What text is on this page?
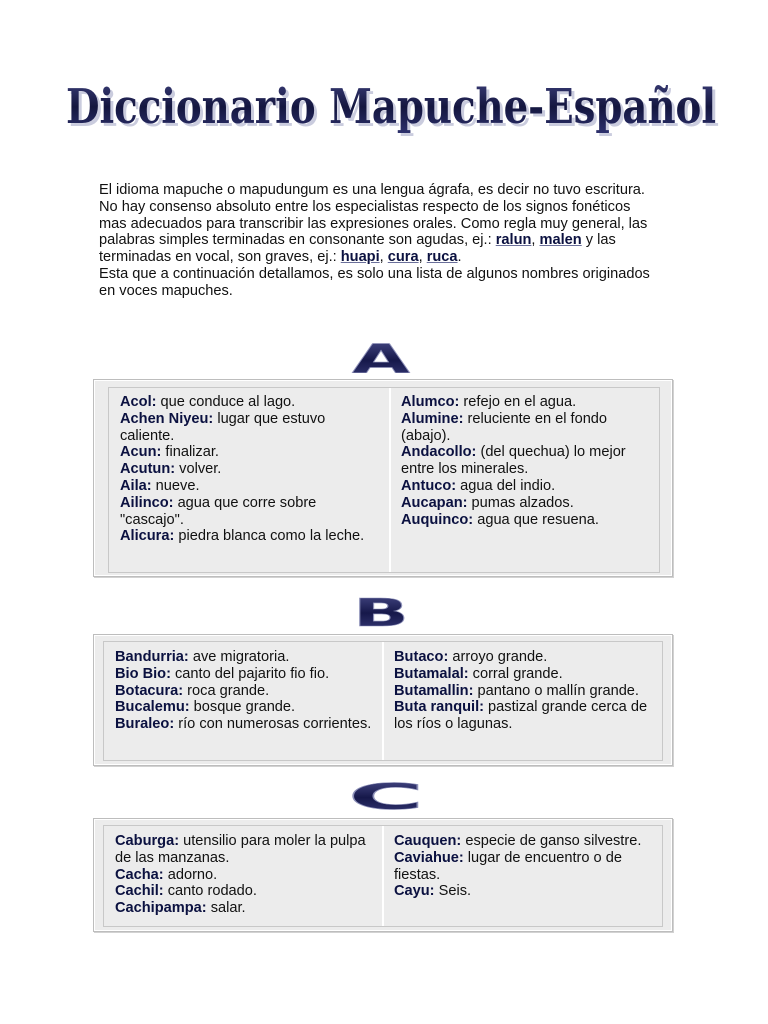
Diccionario Mapuche-Español
Diccionario Mapuche-Español

El idioma mapuche o mapudungum es una lengua ágrafa, es decir no tuvo escritura.

No hay consenso absoluto entre los especialistas respecto de los signos fonéticos mas adecuados para transcribir las expresiones orales. Como regla muy general, las palabras simples terminadas en consonante son agudas, ej.: ralun, malen y las terminadas en vocal, son graves, ej.: huapi, cura, ruca.

Esta que a continuación detallamos, es solo una lista de algunos nombres originados en voces mapuches.

A
Acol: que conduce al lago.
Achen Niyeu: lugar que estuvo caliente.
Acun: finalizar.
Acutun: volver.
Aila: nueve.
Ailinco: agua que corre sobre "cascajo".
Alicura: piedra blanca como la leche.
Alumco: refejo en el agua.
Alumine: reluciente en el fondo (abajo).
Andacollo: (del quechua) lo mejor entre los minerales.
Antuco: agua del indio.
Aucapan: pumas alzados.
Auquinco: agua que resuena.
B
Bandurria: ave migratoria.
Bio Bio: canto del pajarito fio fio.
Botacura: roca grande.
Bucalemu: bosque grande.
Buraleo: río con numerosas corrientes.
Butaco: arroyo grande.
Butamalal: corral grande.
Butamallin: pantano o mallín grande.
Buta ranquil: pastizal grande cerca de los ríos o lagunas.
C
Caburga: utensilio para moler la pulpa de las manzanas.
Cacha: adorno.
Cachil: canto rodado.
Cachipampa: salar.
Cauquen: especie de ganso silvestre.
Caviahue: lugar de encuentro o de fiestas.
Cayu: Seis.
